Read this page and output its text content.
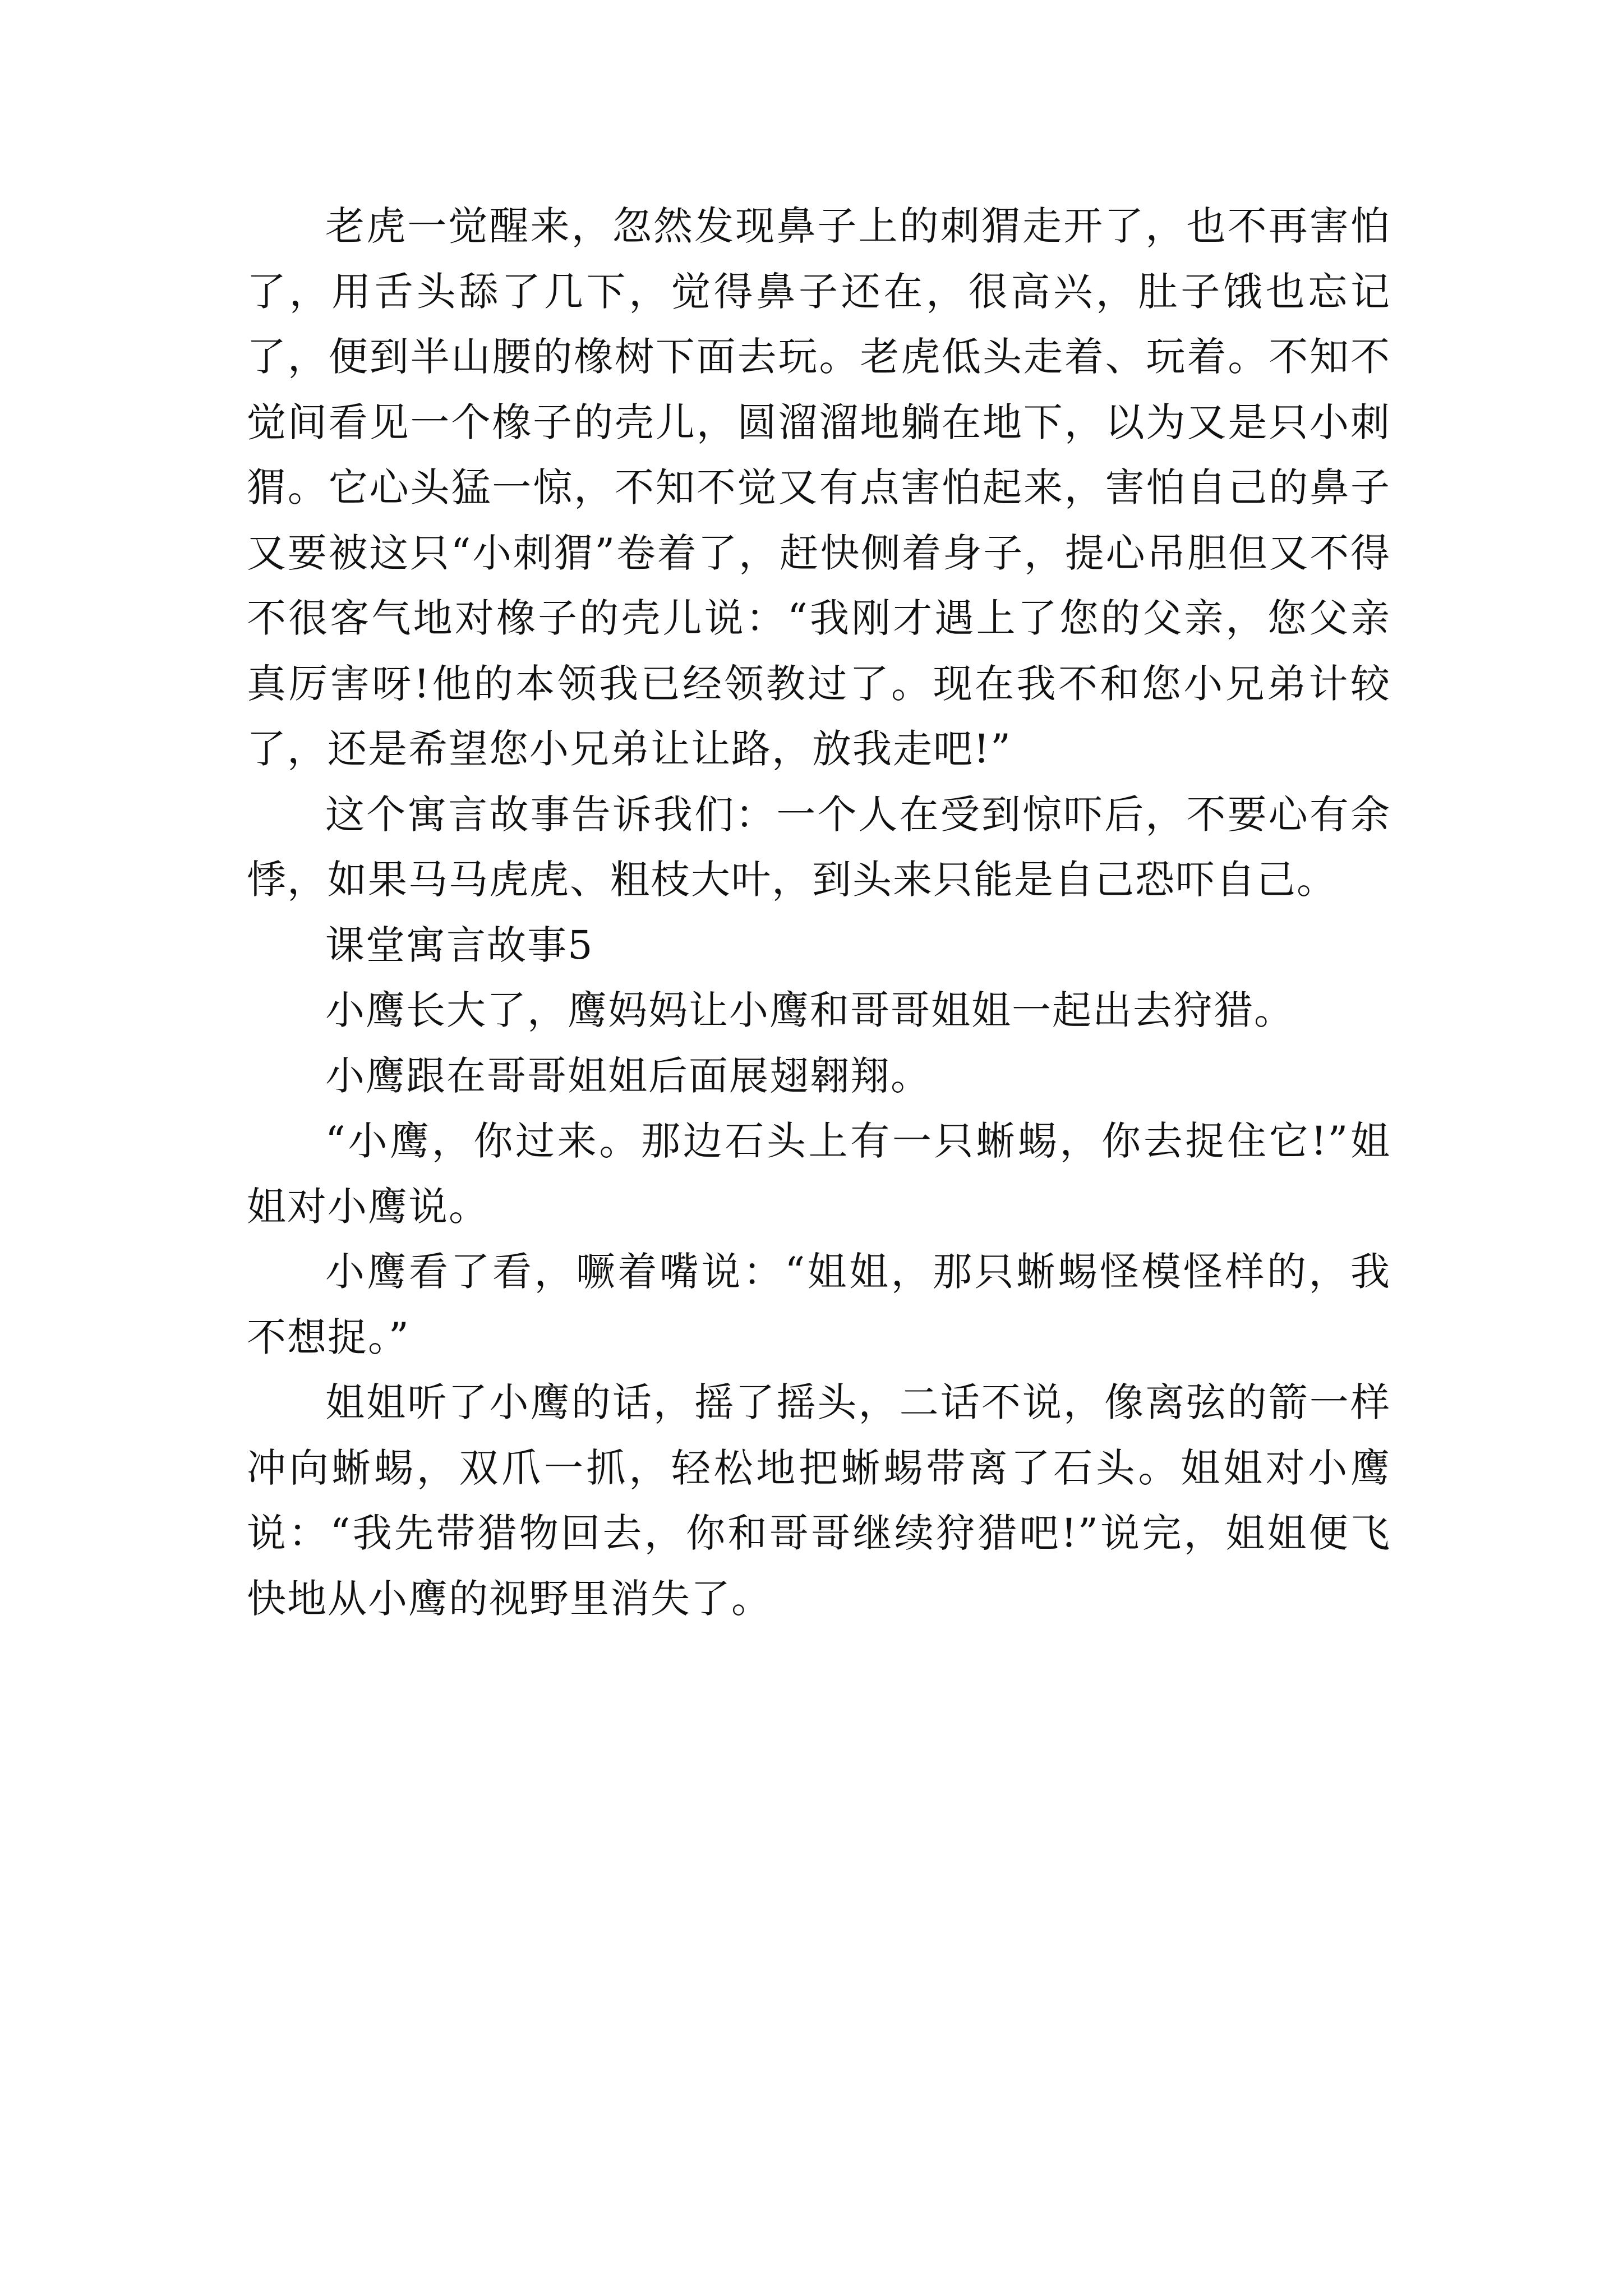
老虎一觉醒来，忽然发现鼻子上的刺猬走开了，也不再害怕了，用舌头舔了几下，觉得鼻子还在，很高兴，肚子饿也忘记了，便到半山腰的橡树下面去玩。老虎低头走着、玩着。不知不觉间看见一个橡子的壳儿，圆溜溜地躺在地下，以为又是只小刺猬。它心头猛一惊，不知不觉又有点害怕起来，害怕自己的鼻子又要被这只“小刺猬”卷着了，赶快侧着身子，提心吊胆但又不得不很客气地对橡子的壳儿说：“我刚才遇上了您的父亲，您父亲真厉害呀!他的本领我已经领教过了。现在我不和您小兄弟计较了，还是希望您小兄弟让让路，放我走吧!”

这个寓言故事告诉我们：一个人在受到惊吓后，不要心有余悸，如果马马虎虎、粗枝大叶，到头来只能是自己恐吓自己。

课堂寓言故事5

小鹰长大了，鹰妈妈让小鹰和哥哥姐姐一起出去狩猎。

小鹰跟在哥哥姐姐后面展翅翱翔。

“小鹰，你过来。那边石头上有一只蜥蜴，你去捉住它!”姐姐对小鹰说。

小鹰看了看，噘着嘴说：“姐姐，那只蜥蜴怪模怪样的，我不想捉。”

姐姐听了小鹰的话，摇了摇头，二话不说，像离弦的箭一样冲向蜥蜴，双爪一抓，轻松地把蜥蜴带离了石头。姐姐对小鹰说：“我先带猎物回去，你和哥哥继续狩猎吧!”说完，姐姐便飞快地从小鹰的视野里消失了。
